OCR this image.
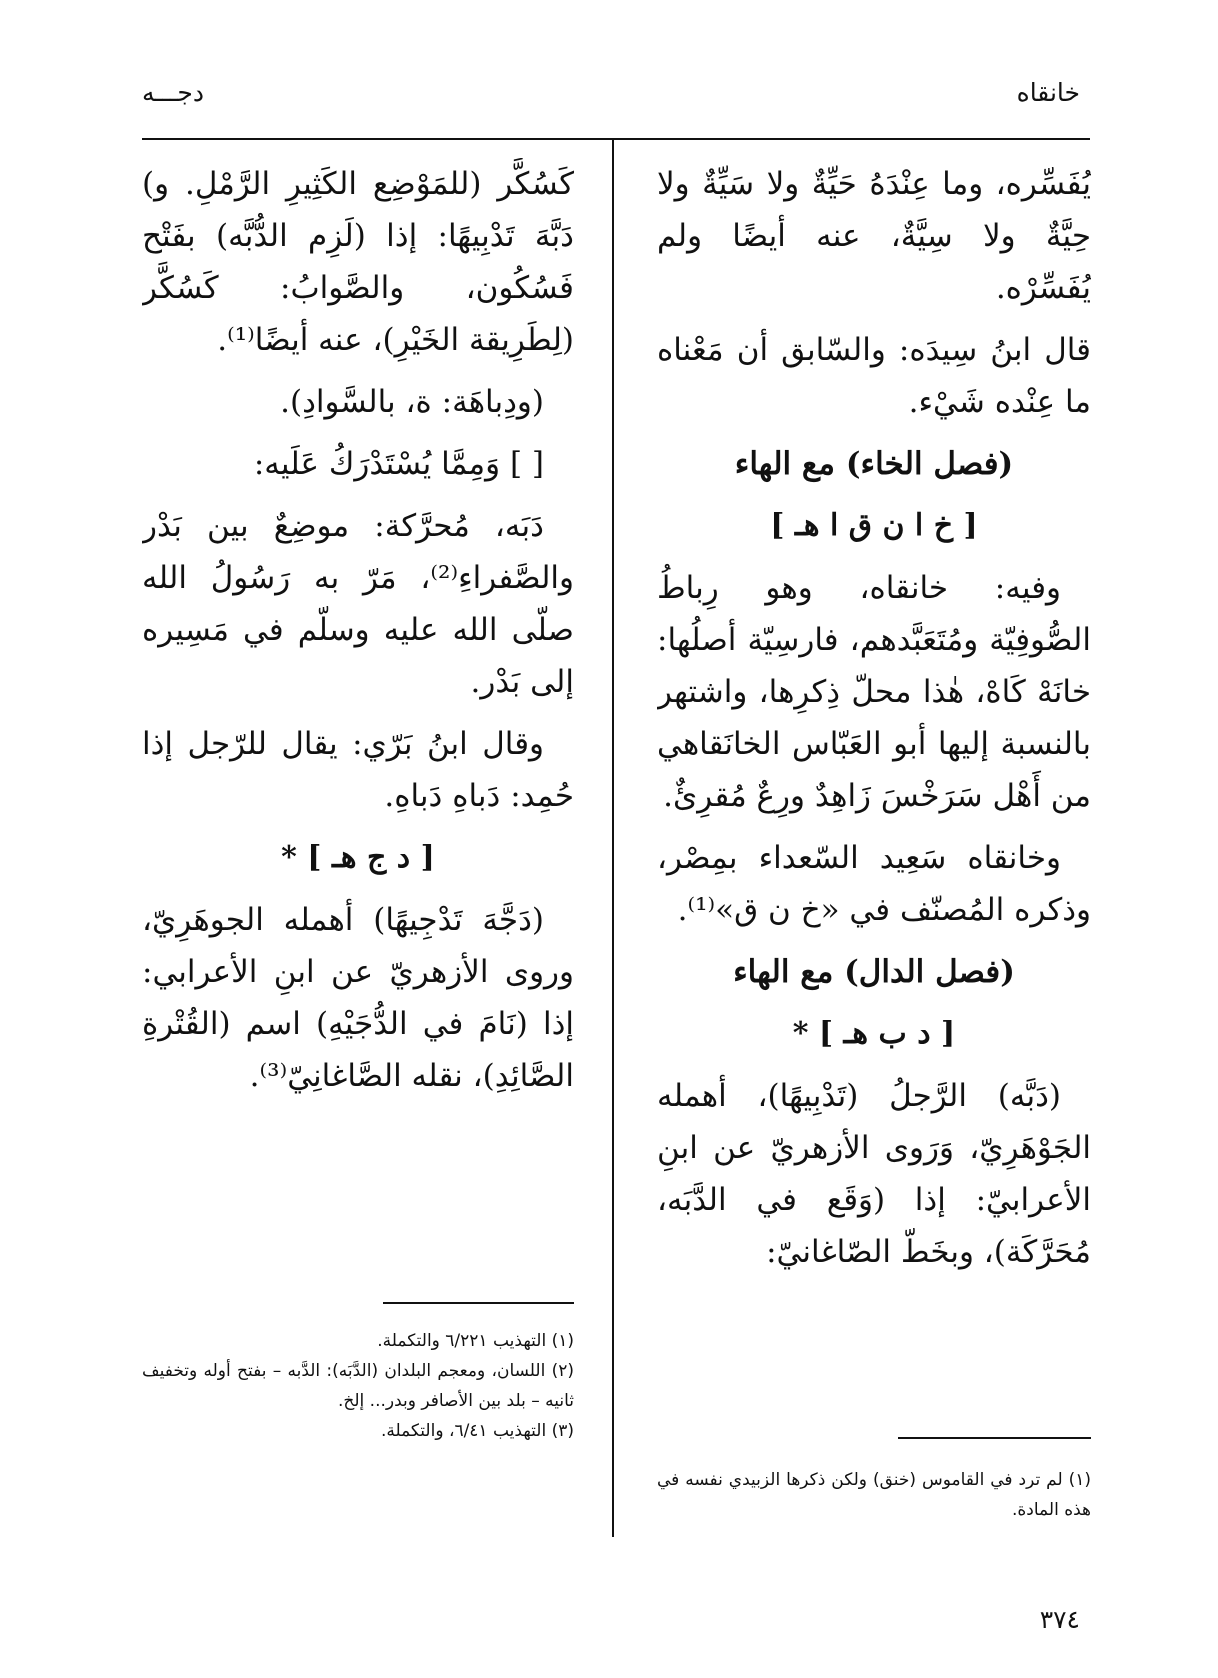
خانقاه
دجـــه

يُفَسِّره، وما عِنْدَهُ حَيِّةٌ ولا سَيِّةٌ ولا حِيَّةٌ ولا سِيَّةٌ، عنه أيضًا ولم يُفَسِّرْه.

قال ابنُ سِيدَه: والسّابق أن مَعْناه ما عِنْده شَيْء.

(فصل الخاء) مع الهاء

[ خ ا ن ق ا هـ ]

وفيه: خانقاه، وهو رِباطُ الصُّوفِيّة ومُتَعَبَّدهم، فارسِيّة أصلُها: خانَهْ كَاهْ، هٰذا محلّ ذِكرِها، واشتهر بالنسبة إليها أبو العَبّاس الخانَقاهي من أَهْل سَرَخْسَ زَاهِدٌ ورِعٌ مُقرِئٌ.

وخانقاه سَعِيد السّعداء بمِصْر، وذكره المُصنّف في «خ ن ق»⁽¹⁾.

(فصل الدال) مع الهاء

[ د ب هـ ] *

(دَبَّه) الرَّجلُ (تَدْبِيهًا)، أهمله الجَوْهَرِيّ، وَرَوى الأزهريّ عن ابنِ الأعرابيّ: إذا (وَقَع في الدَّبَه، مُحَرَّكَة)، وبخَطّ الصّاغانيّ:

كَسُكَّر (للمَوْضِع الكَثِيرِ الرَّمْلِ. و) دَبَّهَ تَدْبِيهًا: إذا (لَزِم الدُّبَّه) بفَتْح فَسُكُون، والصَّوابُ: كَسُكَّر (لِطَرِيقة الخَيْرِ)، عنه أيضًا⁽¹⁾.

(ودِباهَة: ة، بالسَّوادِ).

[ ] وَمِمَّا يُسْتَدْرَكُ عَلَيه:

دَبَه، مُحرَّكة: موضِعٌ بين بَدْر والصَّفراءِ⁽²⁾، مَرّ به رَسُولُ الله صلّى الله عليه وسلّم في مَسِيره إلى بَدْر.

وقال ابنُ بَرّي: يقال للرّجل إذا حُمِد: دَباهِ دَباهِ.

[ د ج هـ ] *

(دَجَّهَ تَدْجِيهًا) أهمله الجوهَرِيّ، وروى الأزهريّ عن ابنِ الأعرابي: إذا (نَامَ في الدُّجَيْهِ) اسم (القُتْرةِ الصَّائِدِ)، نقله الصَّاغانِيّ⁽³⁾.

(١) لم ترد في القاموس (خنق) ولكن ذكرها الزبيدي نفسه في هذه المادة.
(١) التهذيب ٦/٢٢١ والتكملة.
(٢) اللسان، ومعجم البلدان (الدَّبَه): الدَّبه – بفتح أوله وتخفيف ثانيه – بلد بين الأصافر وبدر... إلخ.
(٣) التهذيب ٦/٤١، والتكملة.
٣٧٤
